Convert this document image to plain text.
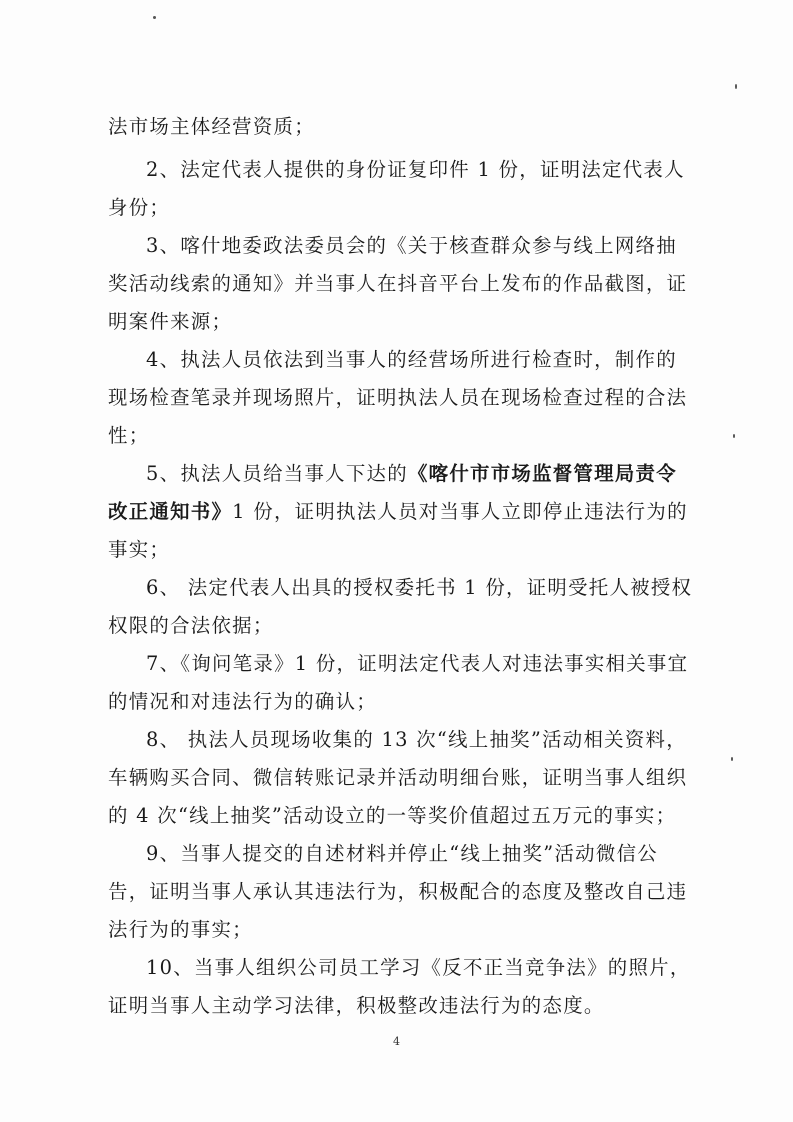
法市场主体经营资质；
2、法定代表人提供的身份证复印件 1 份，证明法定代表人
身份；
3、喀什地委政法委员会的《关于核查群众参与线上网络抽
奖活动线索的通知》并当事人在抖音平台上发布的作品截图，证
明案件来源；
4、执法人员依法到当事人的经营场所进行检查时，制作的
现场检查笔录并现场照片，证明执法人员在现场检查过程的合法
性；
5、执法人员给当事人下达的《喀什市市场监督管理局责令
改正通知书》1 份，证明执法人员对当事人立即停止违法行为的
事实；
6、 法定代表人出具的授权委托书 1 份，证明受托人被授权
权限的合法依据；
7、《询问笔录》1 份，证明法定代表人对违法事实相关事宜
的情况和对违法行为的确认；
8、 执法人员现场收集的 13 次“线上抽奖”活动相关资料，
车辆购买合同、微信转账记录并活动明细台账，证明当事人组织
的 4 次“线上抽奖”活动设立的一等奖价值超过五万元的事实；
9、当事人提交的自述材料并停止“线上抽奖”活动微信公
告，证明当事人承认其违法行为，积极配合的态度及整改自己违
法行为的事实；
10、当事人组织公司员工学习《反不正当竞争法》的照片，
证明当事人主动学习法律，积极整改违法行为的态度。
4
